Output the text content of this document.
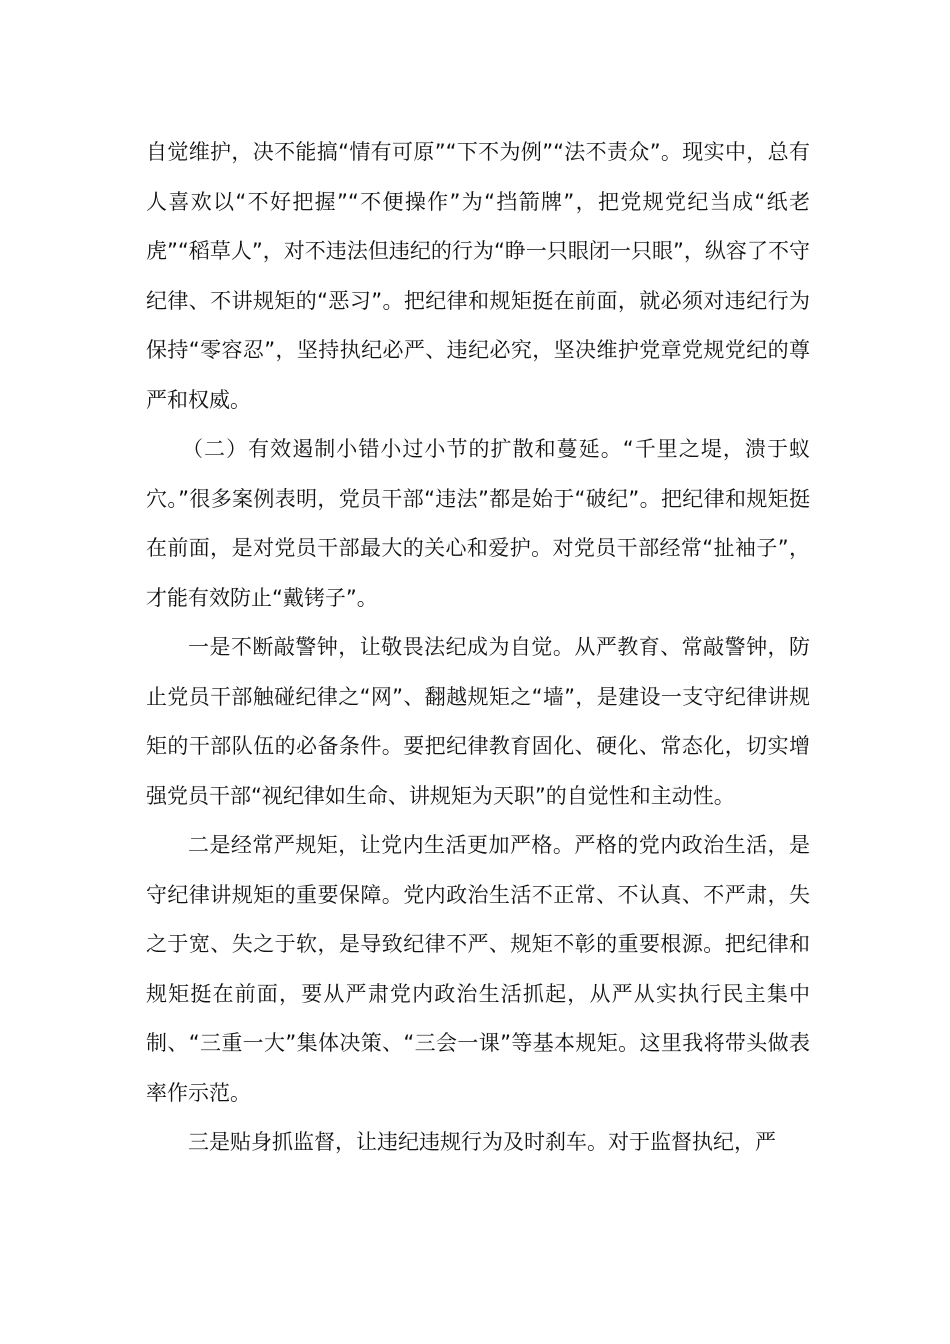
自觉维护，决不能搞“情有可原”“下不为例”“法不责众”。现实中，总有人喜欢以“不好把握”“不便操作”为“挡箭牌”，把党规党纪当成“纸老虎”“稻草人”，对不违法但违纪的行为“睁一只眼闭一只眼”，纵容了不守纪律、不讲规矩的“恶习”。把纪律和规矩挺在前面，就必须对违纪行为保持“零容忍”，坚持执纪必严、违纪必究，坚决维护党章党规党纪的尊严和权威。

（二）有效遏制小错小过小节的扩散和蔓延。“千里之堤，溃于蚁穴。”很多案例表明，党员干部“违法”都是始于“破纪”。把纪律和规矩挺在前面，是对党员干部最大的关心和爱护。对党员干部经常“扯袖子”，才能有效防止“戴铐子”。

一是不断敲警钟，让敬畏法纪成为自觉。从严教育、常敲警钟，防止党员干部触碰纪律之“网”、翻越规矩之“墙”，是建设一支守纪律讲规矩的干部队伍的必备条件。要把纪律教育固化、硬化、常态化，切实增强党员干部“视纪律如生命、讲规矩为天职”的自觉性和主动性。

二是经常严规矩，让党内生活更加严格。严格的党内政治生活，是守纪律讲规矩的重要保障。党内政治生活不正常、不认真、不严肃，失之于宽、失之于软，是导致纪律不严、规矩不彰的重要根源。把纪律和规矩挺在前面，要从严肃党内政治生活抓起，从严从实执行民主集中制、“三重一大”集体决策、“三会一课”等基本规矩。这里我将带头做表率作示范。

三是贴身抓监督，让违纪违规行为及时刹车。对于监督执纪，严
